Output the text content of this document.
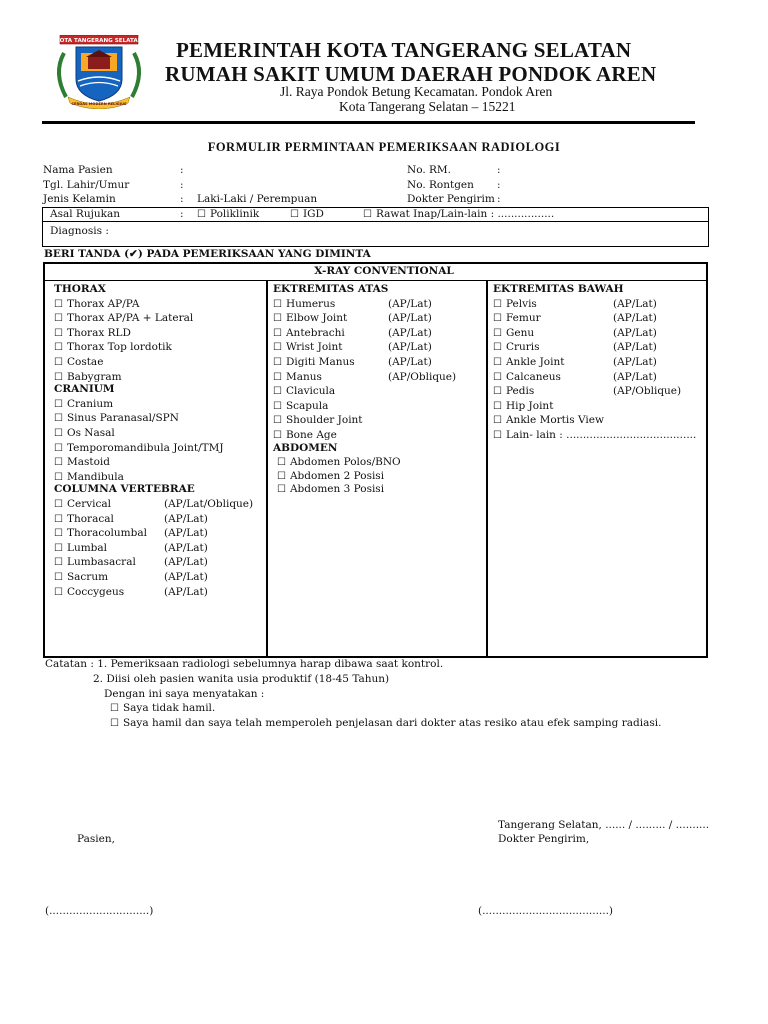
KOTA TANGERANG SELATAN
CERDAS MODERN RELIGIUS
PEMERINTAH KOTA TANGERANG SELATAN
RUMAH SAKIT UMUM DAERAH PONDOK AREN
Jl. Raya Pondok Betung Kecamatan. Pondok Aren
Kota Tangerang Selatan – 15221
FORMULIR PERMINTAAN PEMERIKSAAN RADIOLOGI
Nama Pasien	:
Tgl. Lahir/Umur	:
Jenis Kelamin	: Laki-Laki / Perempuan
No. RM.	:
No. Rontgen :
Dokter Pengirim :
Asal Rujukan	:	☐ Poliklinik	☐ IGD	☐ Rawat Inap/Lain-lain : .................
Diagnosis :
BERI TANDA (✔) PADA PEMERIKSAAN YANG DIMINTA
X-RAY CONVENTIONAL
THORAX
☐ Thorax AP/PA
☐ Thorax AP/PA + Lateral
☐ Thorax RLD
☐ Thorax Top lordotik
☐ Costae
☐ Babygram
CRANIUM
☐ Cranium
☐ Sinus Paranasal/SPN
☐ Os Nasal
☐ Temporomandibula Joint/TMJ
☐ Mastoid
☐ Mandibula
COLUMNA VERTEBRAE
☐ Cervical	(AP/Lat/Oblique)
☐ Thoracal	(AP/Lat)
☐ Thoracolumbal (AP/Lat)
☐ Lumbal	(AP/Lat)
☐ Lumbasacral	(AP/Lat)
☐ Sacrum	(AP/Lat)
☐ Coccygeus	(AP/Lat)
EKTREMITAS ATAS
☐ Humerus	(AP/Lat)
☐ Elbow Joint	(AP/Lat)
☐ Antebrachi	(AP/Lat)
☐ Wrist Joint	(AP/Lat)
☐ Digiti Manus	(AP/Lat)
☐ Manus	(AP/Oblique)
☐ Clavicula
☐ Scapula
☐ Shoulder Joint
☐ Bone Age
ABDOMEN
☐ Abdomen Polos/BNO
☐ Abdomen 2 Posisi
☐ Abdomen 3 Posisi
EKTREMITAS BAWAH
☐ Pelvis	(AP/Lat)
☐ Femur	(AP/Lat)
☐ Genu	(AP/Lat)
☐ Cruris	(AP/Lat)
☐ Ankle Joint	(AP/Lat)
☐ Calcaneus	(AP/Lat)
☐ Pedis	(AP/Oblique)
☐ Hip Joint
☐ Ankle Mortis View
☐ Lain- lain : .......................................
Catatan : 1. Pemeriksaan radiologi sebelumnya harap dibawa saat kontrol.
2. Diisi oleh pasien wanita usia produktif (18-45 Tahun)
Dengan ini saya menyatakan :
☐ Saya tidak hamil.
☐ Saya hamil dan saya telah memperoleh penjelasan dari dokter atas resiko atau efek samping radiasi.
Tangerang Selatan, ...... / ......... / ..........
Pasien,	Dokter Pengirim,
(..............................)	(......................................)
